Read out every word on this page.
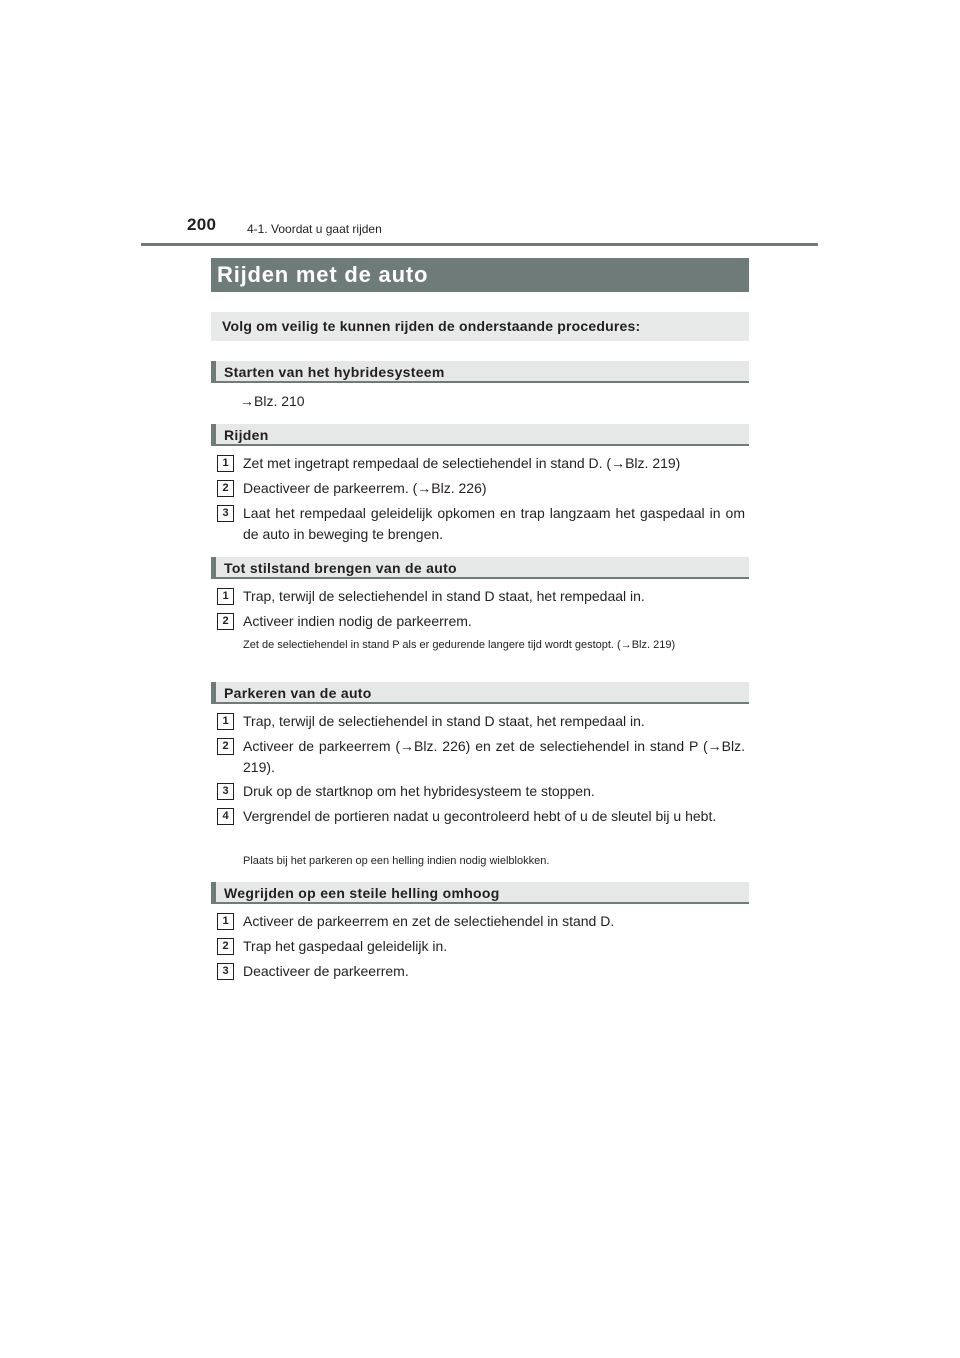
200	4-1. Voordat u gaat rijden
Rijden met de auto
Volg om veilig te kunnen rijden de onderstaande procedures:
Starten van het hybridesysteem
→Blz. 210
Rijden
1	Zet met ingetrapt rempedaal de selectiehendel in stand D. (→Blz. 219)
2	Deactiveer de parkeerrem. (→Blz. 226)
3	Laat het rempedaal geleidelijk opkomen en trap langzaam het gaspedaal in om de auto in beweging te brengen.
Tot stilstand brengen van de auto
1	Trap, terwijl de selectiehendel in stand D staat, het rempedaal in.
2	Activeer indien nodig de parkeerrem.
Zet de selectiehendel in stand P als er gedurende langere tijd wordt gestopt. (→Blz. 219)
Parkeren van de auto
1	Trap, terwijl de selectiehendel in stand D staat, het rempedaal in.
2	Activeer de parkeerrem (→Blz. 226) en zet de selectiehendel in stand P (→Blz. 219).
3	Druk op de startknop om het hybridesysteem te stoppen.
4	Vergrendel de portieren nadat u gecontroleerd hebt of u de sleutel bij u hebt.
Plaats bij het parkeren op een helling indien nodig wielblokken.
Wegrijden op een steile helling omhoog
1	Activeer de parkeerrem en zet de selectiehendel in stand D.
2	Trap het gaspedaal geleidelijk in.
3	Deactiveer de parkeerrem.
